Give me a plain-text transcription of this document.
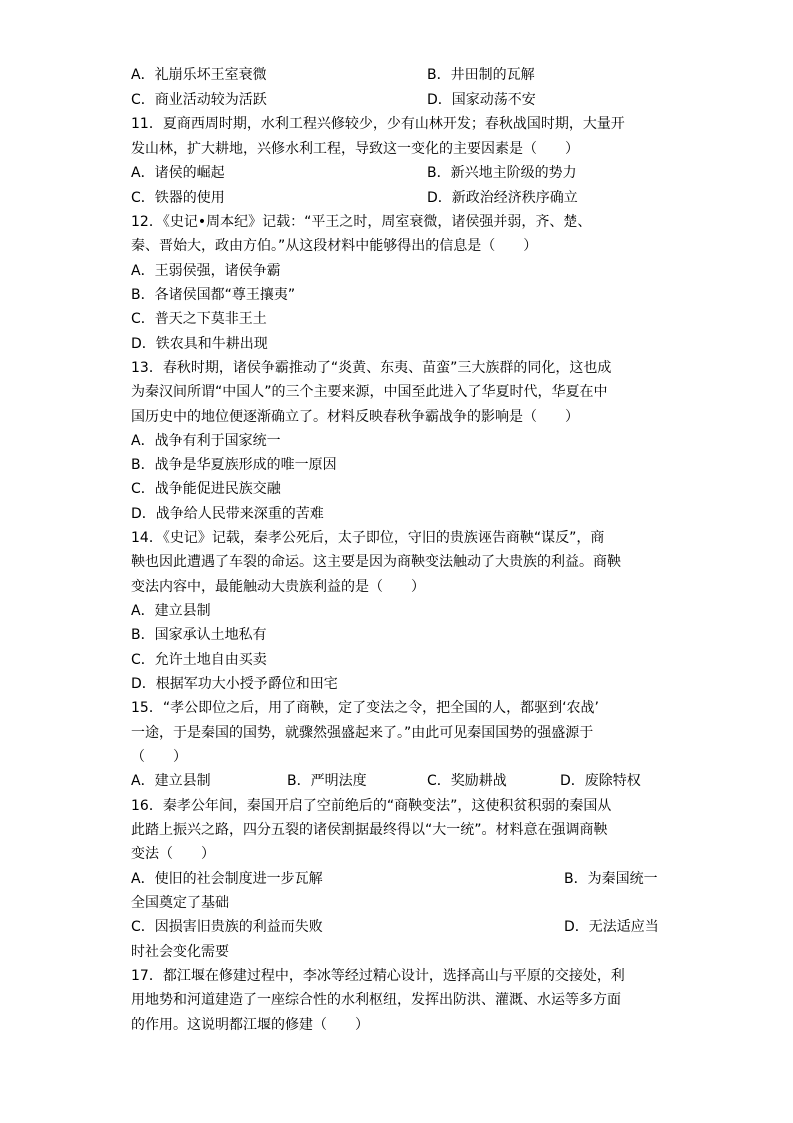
A．礼崩乐坏王室衰微	B．井田制的瓦解
C．商业活动较为活跃	D．国家动荡不安
11．夏商西周时期，水利工程兴修较少，少有山林开发；春秋战国时期，大量开
发山林，扩大耕地，兴修水利工程，导致这一变化的主要因素是（　　）
A．诸侯的崛起	B．新兴地主阶级的势力
C．铁器的使用	D．新政治经济秩序确立
12．《史记•周本纪》记载：“平王之时，周室衰微，诸侯强并弱，齐、楚、
秦、晋始大，政由方伯。”从这段材料中能够得出的信息是（　　）
A．王弱侯强，诸侯争霸
B．各诸侯国都“尊王攘夷”
C．普天之下莫非王土
D．铁农具和牛耕出现
13．春秋时期，诸侯争霸推动了“炎黄、东夷、苗蛮”三大族群的同化，这也成
为秦汉间所谓“中国人”的三个主要来源，中国至此进入了华夏时代，华夏在中
国历史中的地位便逐渐确立了。材料反映春秋争霸战争的影响是（　　）
A．战争有利于国家统一
B．战争是华夏族形成的唯一原因
C．战争能促进民族交融
D．战争给人民带来深重的苦难
14．《史记》记载，秦孝公死后，太子即位，守旧的贵族诬告商鞅“谋反”，商
鞅也因此遭遇了车裂的命运。这主要是因为商鞅变法触动了大贵族的利益。商鞅
变法内容中，最能触动大贵族利益的是（　　）
A．建立县制
B．国家承认土地私有
C．允许土地自由买卖
D．根据军功大小授予爵位和田宅
15．“孝公即位之后，用了商鞅，定了变法之令，把全国的人，都驱到‘农战’
一途，于是秦国的国势，就骤然强盛起来了。”由此可见秦国国势的强盛源于
（　　）
A．建立县制	B．严明法度	C．奖励耕战	D．废除特权
16．秦孝公年间，秦国开启了空前绝后的“商鞅变法”，这使积贫积弱的秦国从
此踏上振兴之路，四分五裂的诸侯割据最终得以“大一统”。材料意在强调商鞅
变法（　　）
A．使旧的社会制度进一步瓦解	B．为秦国统一
全国奠定了基础
C．因损害旧贵族的利益而失败	D．无法适应当
时社会变化需要
17．都江堰在修建过程中，李冰等经过精心设计，选择高山与平原的交接处，利
用地势和河道建造了一座综合性的水利枢纽，发挥出防洪、灌溉、水运等多方面
的作用。这说明都江堰的修建（　　）
